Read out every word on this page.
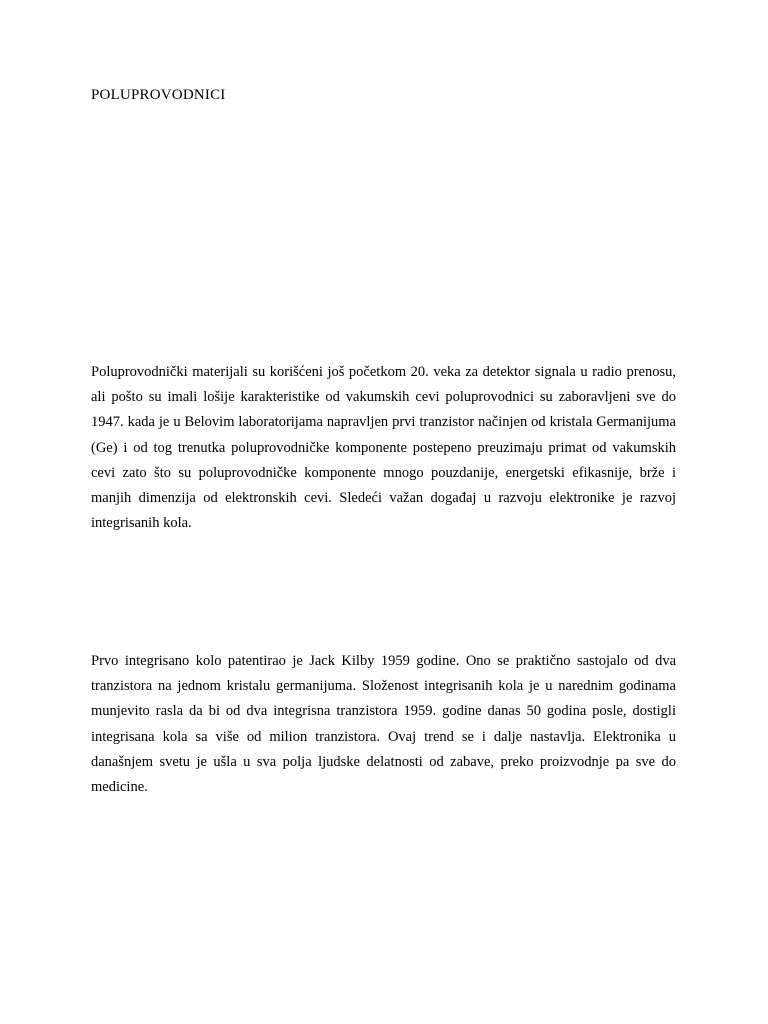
POLUPROVODNICI

Poluprovodnički materijali su korišćeni još početkom 20. veka za detektor signala u radio prenosu, ali pošto su imali lošije karakteristike od vakumskih cevi poluprovodnici su zaboravljeni sve do 1947. kada je u Belovim laboratorijama napravljen prvi tranzistor načinjen od kristala Germanijuma (Ge) i od tog trenutka poluprovodničke komponente postepeno preuzimaju primat od vakumskih cevi zato što su poluprovodničke komponente mnogo pouzdanije, energetski efikasnije, brže i manjih dimenzija od elektronskih cevi. Sledeći važan događaj u razvoju elektronike je razvoj integrisanih kola.

Prvo integrisano kolo patentirao je Jack Kilby 1959 godine. Ono se praktično sastojalo od dva tranzistora na jednom kristalu germanijuma. Složenost integrisanih kola je u narednim godinama munjevito rasla da bi od dva integrisna tranzistora 1959. godine danas 50 godina posle, dostigli integrisana kola sa više od milion tranzistora. Ovaj trend se i dalje nastavlja. Elektronika u današnjem svetu je ušla u sva polja ljudske delatnosti od zabave, preko proizvodnje pa sve do medicine.
